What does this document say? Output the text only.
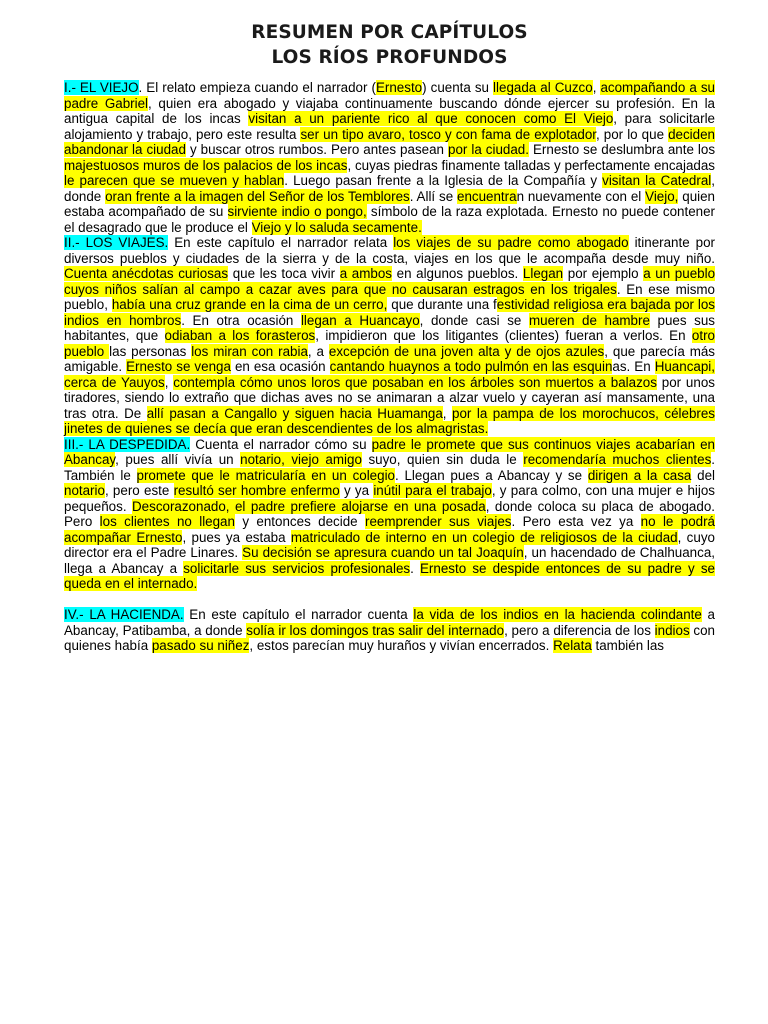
RESUMEN POR CAPÍTULOS
LOS RÍOS PROFUNDOS

I.- EL VIEJO. El relato empieza cuando el narrador (Ernesto) cuenta su llegada al Cuzco, acompañando a su padre Gabriel, quien era abogado y viajaba continuamente buscando dónde ejercer su profesión. En la antigua capital de los incas visitan a un pariente rico al que conocen como El Viejo, para solicitarle alojamiento y trabajo, pero este resulta ser un tipo avaro, tosco y con fama de explotador, por lo que deciden abandonar la ciudad y buscar otros rumbos. Pero antes pasean por la ciudad. Ernesto se deslumbra ante los majestuosos muros de los palacios de los incas, cuyas piedras finamente talladas y perfectamente encajadas le parecen que se mueven y hablan. Luego pasan frente a la Iglesia de la Compañía y visitan la Catedral, donde oran frente a la imagen del Señor de los Temblores. Allí se encuentran nuevamente con el Viejo, quien estaba acompañado de su sirviente indio o pongo, símbolo de la raza explotada. Ernesto no puede contener el desagrado que le produce el Viejo y lo saluda secamente.

II.- LOS VIAJES. En este capítulo el narrador relata los viajes de su padre como abogado itinerante por diversos pueblos y ciudades de la sierra y de la costa, viajes en los que le acompaña desde muy niño. Cuenta anécdotas curiosas que les toca vivir a ambos en algunos pueblos. Llegan por ejemplo a un pueblo cuyos niños salían al campo a cazar aves para que no causaran estragos en los trigales. En ese mismo pueblo, había una cruz grande en la cima de un cerro, que durante una festividad religiosa era bajada por los indios en hombros. En otra ocasión llegan a Huancayo, donde casi se mueren de hambre pues sus habitantes, que odiaban a los forasteros, impidieron que los litigantes (clientes) fueran a verlos. En otro pueblo las personas los miran con rabia, a excepción de una joven alta y de ojos azules, que parecía más amigable. Ernesto se venga en esa ocasión cantando huaynos a todo pulmón en las esquinas. En Huancapi, cerca de Yauyos, contempla cómo unos loros que posaban en los árboles son muertos a balazos por unos tiradores, siendo lo extraño que dichas aves no se animaran a alzar vuelo y cayeran así mansamente, una tras otra. De allí pasan a Cangallo y siguen hacia Huamanga, por la pampa de los morochucos, célebres jinetes de quienes se decía que eran descendientes de los almagristas.

III.- LA DESPEDIDA. Cuenta el narrador cómo su padre le promete que sus continuos viajes acabarían en Abancay, pues allí vivía un notario, viejo amigo suyo, quien sin duda le recomendaría muchos clientes. También le promete que le matricularía en un colegio. Llegan pues a Abancay y se dirigen a la casa del notario, pero este resultó ser hombre enfermo y ya inútil para el trabajo, y para colmo, con una mujer e hijos pequeños. Descorazonado, el padre prefiere alojarse en una posada, donde coloca su placa de abogado. Pero los clientes no llegan y entonces decide reemprender sus viajes. Pero esta vez ya no le podrá acompañar Ernesto, pues ya estaba matriculado de interno en un colegio de religiosos de la ciudad, cuyo director era el Padre Linares. Su decisión se apresura cuando un tal Joaquín, un hacendado de Chalhuanca, llega a Abancay a solicitarle sus servicios profesionales. Ernesto se despide entonces de su padre y se queda en el internado.

IV.- LA HACIENDA. En este capítulo el narrador cuenta la vida de los indios en la hacienda colindante a Abancay, Patibamba, a donde solía ir los domingos tras salir del internado, pero a diferencia de los indios con quienes había pasado su niñez, estos parecían muy huraños y vivían encerrados. Relata también las
